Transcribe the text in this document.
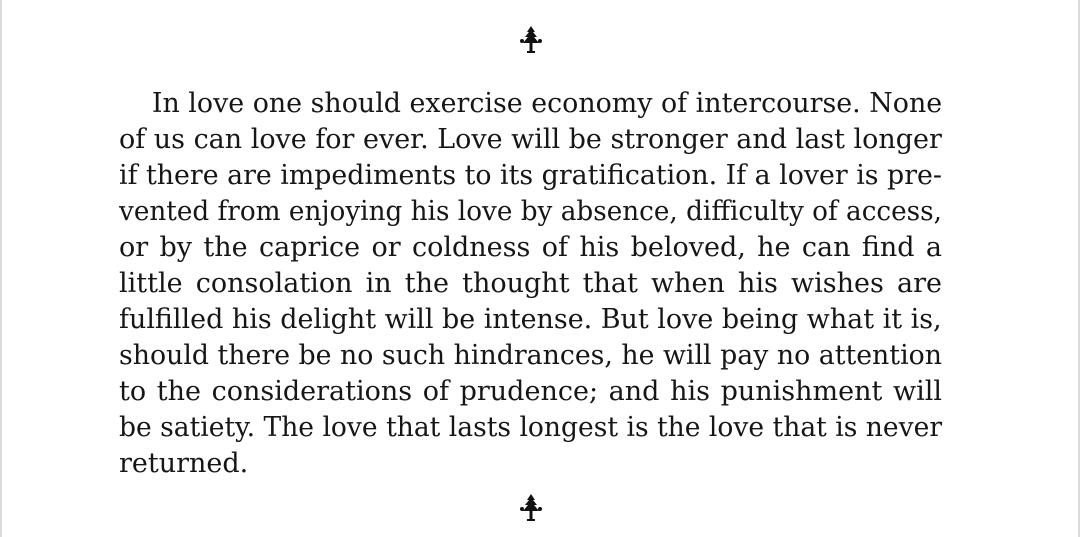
In love one should exercise economy of intercourse. None
of us can love for ever. Love will be stronger and last longer
if there are impediments to its gratification. If a lover is pre-
vented from enjoying his love by absence, difficulty of access,
or by the caprice or coldness of his beloved, he can find a
little consolation in the thought that when his wishes are
fulfilled his delight will be intense. But love being what it is,
should there be no such hindrances, he will pay no attention
to the considerations of prudence; and his punishment will
be satiety. The love that lasts longest is the love that is never
returned.
